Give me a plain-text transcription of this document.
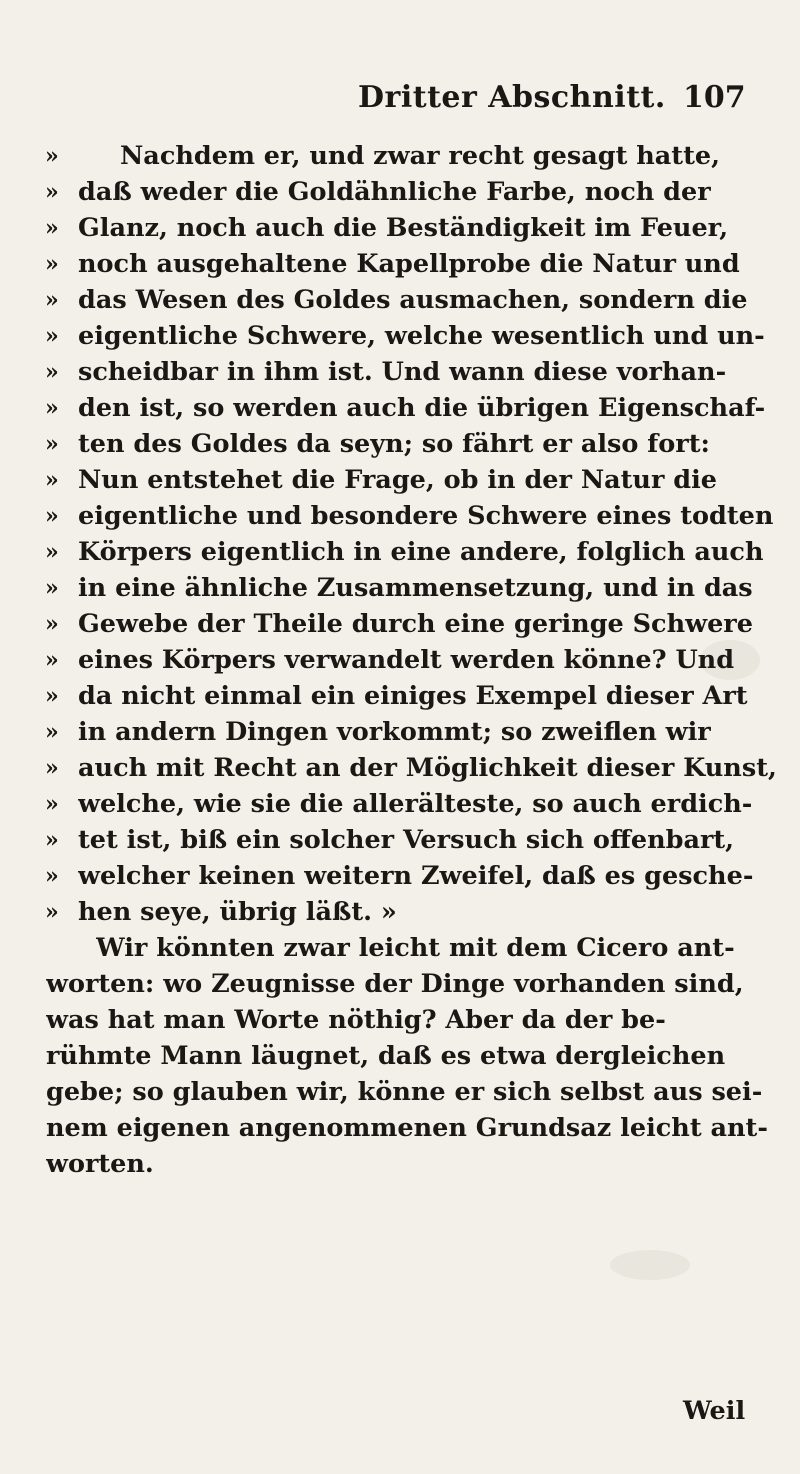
Dritter Abschnitt. 107
»	Nachdem er, und zwar recht gesagt hatte,
» daß weder die Goldähnliche Farbe, noch der
» Glanz, noch auch die Beständigkeit im Feuer,
» noch ausgehaltene Kapellprobe die Natur und
» das Wesen des Goldes ausmachen, sondern die
» eigentliche Schwere, welche wesentlich und un-
» scheidbar in ihm ist. Und wann diese vorhan-
» den ist, so werden auch die übrigen Eigenschaf-
» ten des Goldes da seyn; so fährt er also fort:
» Nun entstehet die Frage, ob in der Natur die
» eigentliche und besondere Schwere eines todten
» Körpers eigentlich in eine andere, folglich auch
» in eine ähnliche Zusammensetzung, und in das
» Gewebe der Theile durch eine geringe Schwere
» eines Körpers verwandelt werden könne? Und
» da nicht einmal ein einiges Exempel dieser Art
» in andern Dingen vorkommt; so zweiflen wir
» auch mit Recht an der Möglichkeit dieser Kunst,
» welche, wie sie die allerälteste, so auch erdich-
» tet ist, biß ein solcher Versuch sich offenbart,
» welcher keinen weitern Zweifel, daß es gesche-
» hen seye, übrig läßt. »
Wir könnten zwar leicht mit dem Cicero ant-
worten: wo Zeugnisse der Dinge vorhanden sind,
was hat man Worte nöthig? Aber da der be-
rühmte Mann läugnet, daß es etwa dergleichen
gebe; so glauben wir, könne er sich selbst aus sei-
nem eigenen angenommenen Grundsaz leicht ant-
worten.
Weil
